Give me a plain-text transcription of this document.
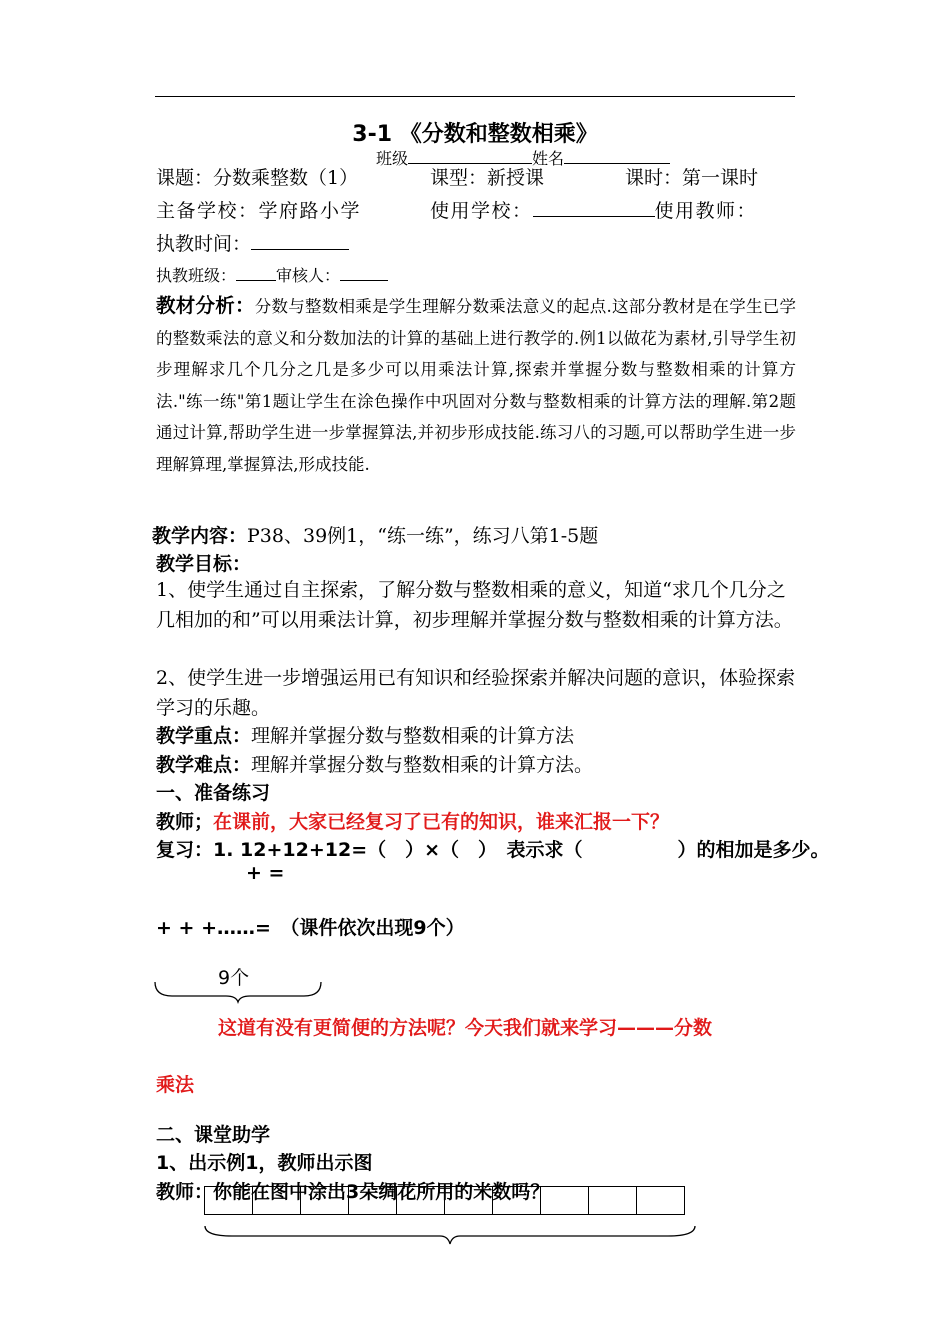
3-1 《分数和整数相乘》
班级	姓名
课题：分数乘整数（1）	课型：新授课	课时：第一课时
主备学校：学府路小学	使用学校：	使用教师：
执教时间：
执教班级：	审核人：
教材分析：分数与整数相乘是学生理解分数乘法意义的起点.这部分教材是在学生已学的整数乘法的意义和分数加法的计算的基础上进行教学的.例1以做花为素材,引导学生初步理解求几个几分之几是多少可以用乘法计算,探索并掌握分数与整数相乘的计算方法."练一练"第1题让学生在涂色操作中巩固对分数与整数相乘的计算方法的理解.第2题通过计算,帮助学生进一步掌握算法,并初步形成技能.练习八的习题,可以帮助学生进一步理解算理,掌握算法,形成技能.
教学内容：P38、39例1，“练一练”，练习八第1-5题
教学目标：
1、使学生通过自主探索，了解分数与整数相乘的意义，知道“求几个几分之几相加的和”可以用乘法计算，初步理解并掌握分数与整数相乘的计算方法。
2、使学生进一步增强运用已有知识和经验探索并解决问题的意识，体验探索学习的乐趣。
教学重点：理解并掌握分数与整数相乘的计算方法
教学难点：理解并掌握分数与整数相乘的计算方法。
一、准备练习
教师；在课前，大家已经复习了已有的知识，谁来汇报一下？
复习：1. 12+12+12=（　）×（　）　表示求（　　　　　）的相加是多少。
+ =
+ + +……=　（课件依次出现9个）
9个
这道有没有更简便的方法呢？今天我们就来学习———分数
乘法
二、课堂助学
1、出示例1，教师出示图
教师：你能在图中涂出3朵绸花所用的米数吗？
